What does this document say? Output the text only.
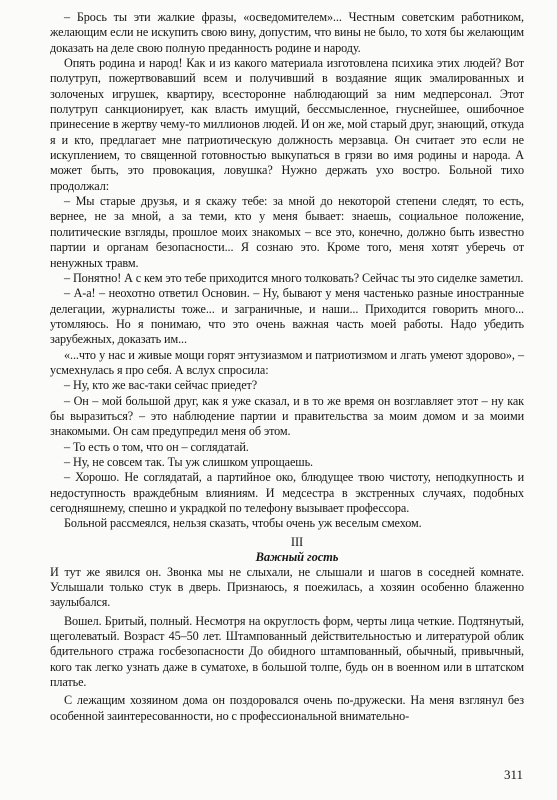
– Брось ты эти жалкие фразы, «осведомителем»... Честным советским работником, желающим если не искупить свою вину, допустим, что вины не было, то хотя бы желающим доказать на деле свою полную преданность родине и народу.

Опять родина и народ! Как и из какого материала изготовлена психика этих людей? Вот полутруп, пожертвовавший всем и получивший в воздаяние ящик эмалированных и золоченых игрушек, квартиру, всесторонне наблюдающий за ним медперсонал. Этот полутруп санкционирует, как власть имущий, бессмысленное, гнуснейшее, ошибочное принесение в жертву чему-то миллионов людей. И он же, мой старый друг, знающий, откуда я и кто, предлагает мне патриотическую должность мерзавца. Он считает это если не искуплением, то священной готовностью выкупаться в грязи во имя родины и народа. А может быть, это провокация, ловушка? Нужно держать ухо востро. Больной тихо продолжал:

– Мы старые друзья, и я скажу тебе: за мной до некоторой степени следят, то есть, вернее, не за мной, а за теми, кто у меня бывает: знаешь, социальное положение, политические взгляды, прошлое моих знакомых – все это, конечно, должно быть известно партии и органам безопасности... Я сознаю это. Кроме того, меня хотят уберечь от ненужных травм.

– Понятно! А с кем это тебе приходится много толковать? Сейчас ты это сиделке заметил.

– А-а! – неохотно ответил Основин. – Ну, бывают у меня частенько разные иностранные делегации, журналисты тоже... и заграничные, и наши... Приходится говорить много... утомляюсь. Но я понимаю, что это очень важная часть моей работы. Надо убедить зарубежных, доказать им...

«...что у нас и живые мощи горят энтузиазмом и патриотизмом и лгать умеют здорово», – усмехнулась я про себя. А вслух спросила:

– Ну, кто же вас-таки сейчас приедет?

– Он – мой большой друг, как я уже сказал, и в то же время он возглавляет этот – ну как бы выразиться? – это наблюдение партии и правительства за моим домом и за моими знакомыми. Он сам предупредил меня об этом.

– То есть о том, что он – соглядатай.

– Ну, не совсем так. Ты уж слишком упрощаешь.

– Хорошо. Не соглядатай, а партийное око, блюдущее твою чистоту, неподкупность и недоступность враждебным влияниям. И медсестра в экстренных случаях, подобных сегодняшнему, спешно и украдкой по телефону вызывает профессора.

Больной рассмеялся, нельзя сказать, чтобы очень уж веселым смехом.

III
Важный гость

И тут же явился он. Звонка мы не слыхали, не слышали и шагов в соседней комнате. Услышали только стук в дверь. Признаюсь, я поежилась, а хозяин особенно блаженно заулыбался.

Вошел. Бритый, полный. Несмотря на округлость форм, черты лица четкие. Подтянутый, щеголеватый. Возраст 45–50 лет. Штампованный действительностью и литературой облик бдительного стража госбезопасности До обидного штампованный, обычный, привычный, кого так легко узнать даже в суматохе, в большой толпе, будь он в военном или в штатском платье.

С лежащим хозяином дома он поздоровался очень по-дружески. На меня взглянул без особенной заинтересованности, но с профессиональной внимательно-

311
